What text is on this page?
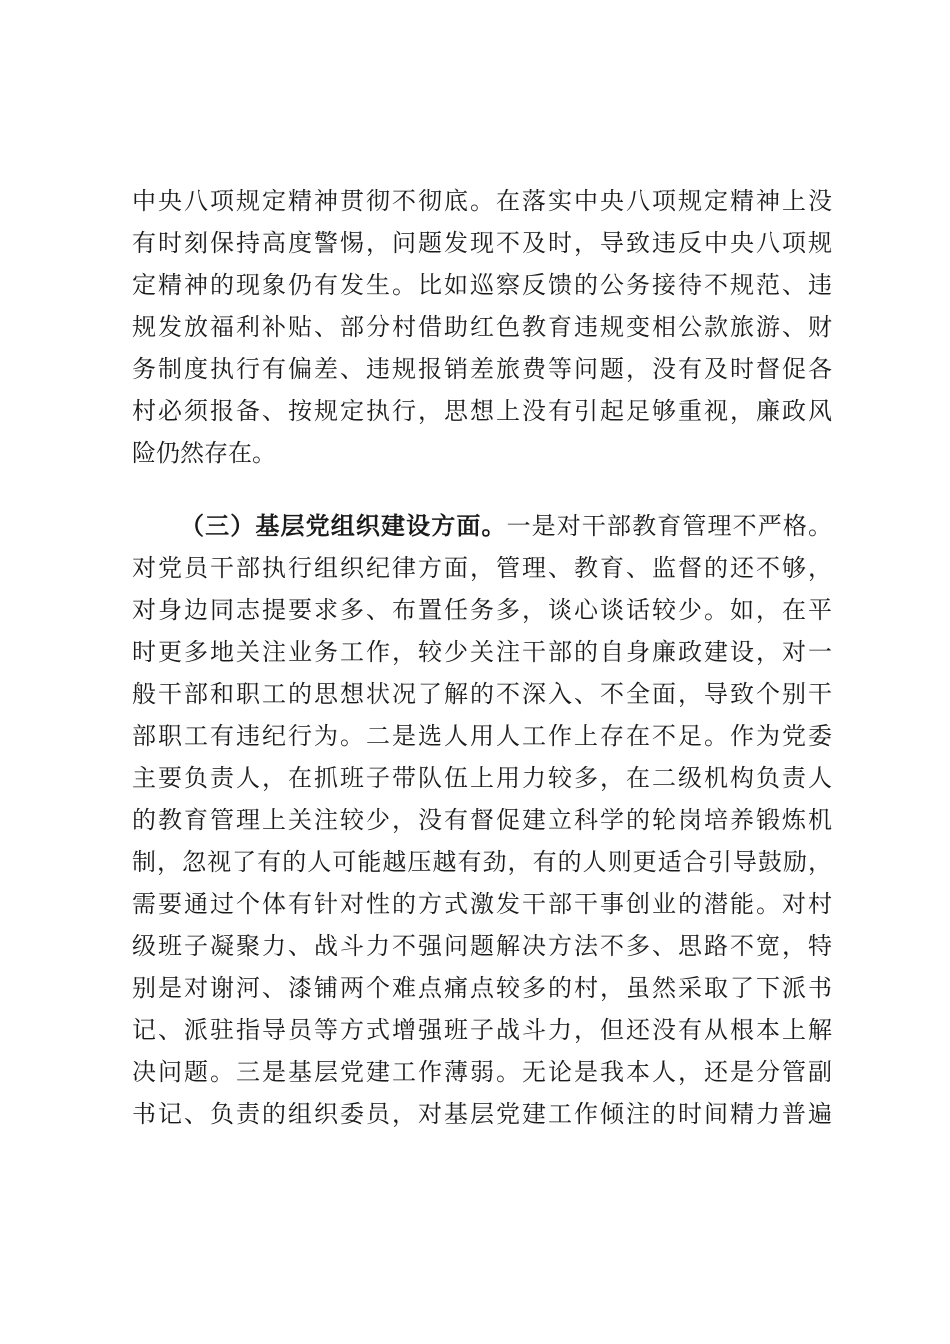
中央八项规定精神贯彻不彻底。在落实中央八项规定精神上没
有时刻保持高度警惕，问题发现不及时，导致违反中央八项规
定精神的现象仍有发生。比如巡察反馈的公务接待不规范、违
规发放福利补贴、部分村借助红色教育违规变相公款旅游、财
务制度执行有偏差、违规报销差旅费等问题，没有及时督促各
村必须报备、按规定执行，思想上没有引起足够重视，廉政风
险仍然存在。
（三）基层党组织建设方面。一是对干部教育管理不严格。
对党员干部执行组织纪律方面，管理、教育、监督的还不够，
对身边同志提要求多、布置任务多，谈心谈话较少。如，在平
时更多地关注业务工作，较少关注干部的自身廉政建设，对一
般干部和职工的思想状况了解的不深入、不全面，导致个别干
部职工有违纪行为。二是选人用人工作上存在不足。作为党委
主要负责人，在抓班子带队伍上用力较多，在二级机构负责人
的教育管理上关注较少，没有督促建立科学的轮岗培养锻炼机
制，忽视了有的人可能越压越有劲，有的人则更适合引导鼓励，
需要通过个体有针对性的方式激发干部干事创业的潜能。对村
级班子凝聚力、战斗力不强问题解决方法不多、思路不宽，特
别是对谢河、漆铺两个难点痛点较多的村，虽然采取了下派书
记、派驻指导员等方式增强班子战斗力，但还没有从根本上解
决问题。三是基层党建工作薄弱。无论是我本人，还是分管副
书记、负责的组织委员，对基层党建工作倾注的时间精力普遍
